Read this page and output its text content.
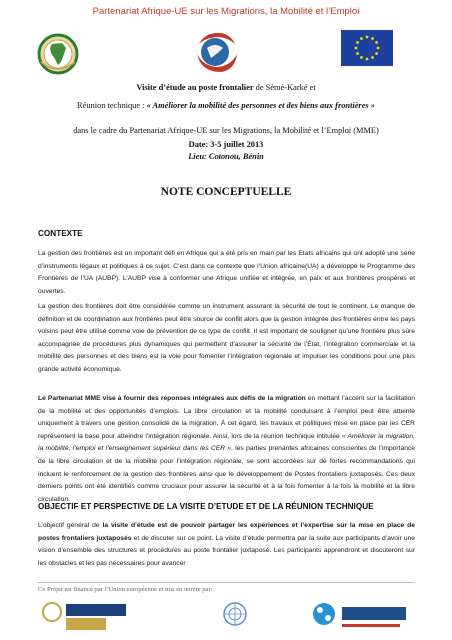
Partenariat Afrique-UE sur les Migrations, la Mobilité et l’Emploi
Visite d’étude au poste frontalier de Sèmè-Karké et
Réunion technique : « Améliorer la mobilité des personnes et des biens aux frontières »
dans le cadre du Partenariat Afrique-UE sur les Migrations, la Mobilité et l’Emploi (MME)
Date: 3-5 juillet 2013
Lieu: Cotonou, Bénin
NOTE CONCEPTUELLE
CONTEXTE
La gestion des frontières est un important défi en Afrique qui a été pris en main par les Etats africains qui ont adopté une série d’instruments légaux et politiques à ce sujet. C’est dans ce contexte que l’Union africaine(UA) a développé le Programme des Frontières de l’UA (AUBP). L’AUBP vise à conformer une Afrique unifiée et intégrée, en paix et aux frontières prospères et ouvertes.
La gestion des frontières doit être considérée comme un instrument assurant la sécurité de tout le continent. Le manque de définition et de coordination aux frontières peut être source de conflit alors que la gestion intégrée des frontières entre les pays voisins peut être utilisé comme voie de prévention de ce type de conflit. Il est important de souligner qu’une frontière plus sûre accompagnée de procédures plus dynamiques qui permettent d’assurer la sécurité de l’État, l’intégration commerciale et la mobilité des personnes et des biens est la voie pour fomenter l’intégration régionale et impulser les conditions pour une plus grande activité économique.
Le Partenariat MME vise à fournir des réponses intégrales aux défis de la migration en mettant l’accent sur la facilitation de la mobilité et des opportunités d’emplois. La libre circulation et la mobilité conduisant à l’emploi peut être atteinte uniquement à travers une gestion consolidé de la migration. À cet égard, les travaux et politiques mise en place par les CER représentent la base pour atteindre l’intégration régionale. Ainsi, lors de la réunion technique intitulée « Améliorer la migration, la mobilité, l’emploi et l’enseignement supérieur dans les CER », les parties prenantes africaines conscientes de l’importance de la libre circulation et de la mobilité pour l’intégration régionale, se sont accordées sur de fortes recommandations qui incluent le renforcement de la gestion des frontières ainsi que le développement de Postes frontaliers juxtaposés. Ces deux derniers points ont été identifiés comme cruciaux pour assurer la sécurité et à la fois fomenter à la fois la mobilité et la libre circulation.
OBJECTIF ET PERSPECTIVE DE LA VISITE D’ETUDE ET DE LA RÉUNION TECHNIQUE
L’objectif général de la visite d’étude est de pouvoir partager les expériences et l’expertise sur la mise en place de postes frontaliers juxtaposés et de discuter sur ce point. La visite d’étude permettra par la suite aux participants d’avoir une vision d’ensemble des structures et procédures au poste frontalier juxtaposé. Les participants apprendront et discuteront sur les obstacles et les pas nécessaires pour avancer
Ce Projet est financé par l’Union européenne et mis en œuvre par:
